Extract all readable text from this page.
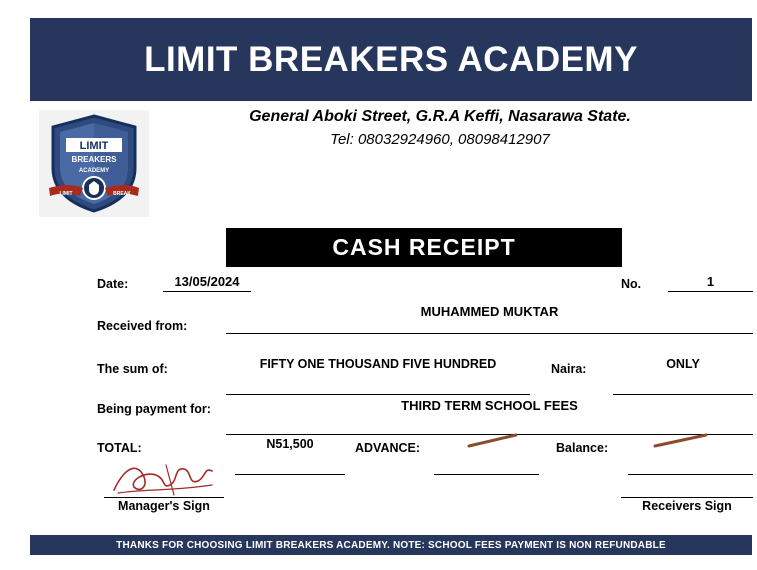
LIMIT BREAKERS ACADEMY
LIMIT
BREAKERS
ACADEMY
LIMIT	BREAK
General Aboki Street, G.R.A Keffi, Nasarawa State.
Tel: 08032924960, 08098412907
CASH RECEIPT
Date:	13/05/2024	No.	1
Received from:
MUHAMMED MUKTAR
The sum of:	FIFTY ONE THOUSAND FIVE HUNDRED	Naira:	ONLY
Being payment for:	THIRD TERM SCHOOL FEES
TOTAL:	N51,500	ADVANCE:	Balance:
Manager's Sign	Receivers Sign
THANKS FOR CHOOSING LIMIT BREAKERS ACADEMY. NOTE: SCHOOL FEES PAYMENT IS NON REFUNDABLE
